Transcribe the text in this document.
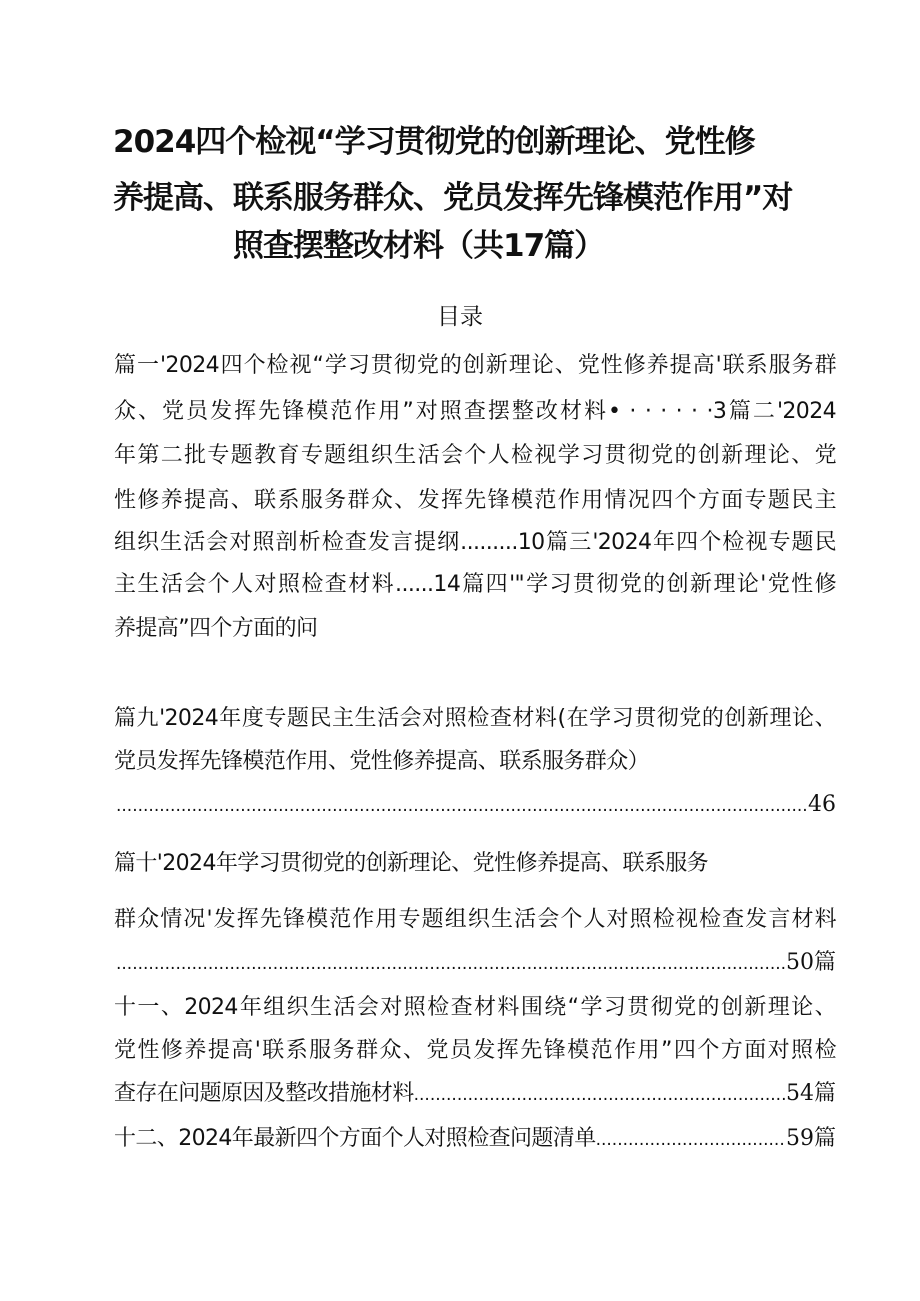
2024四个检视“学习贯彻党的创新理论、党性修
养提高、联系服务群众、党员发挥先锋模范作用”对
照查摆整改材料（共17篇）
目录
篇一'2024四个检视“学习贯彻党的创新理论、党性修养提高'联系服务群
众、党员发挥先锋模范作用”对照查摆整改材料• · · · · · ·3篇二'2024
年第二批专题教育专题组织生活会个人检视学习贯彻党的创新理论、党
性修养提高、联系服务群众、发挥先锋模范作用情况四个方面专题民主
组织生活会对照剖析检查发言提纲.........10篇三'2024年四个检视专题民
主生活会个人对照检查材料......14篇四'"学习贯彻党的创新理论'党性修
养提高”四个方面的问
篇九'2024年度专题民主生活会对照检查材料(在学习贯彻党的创新理论、
党员发挥先锋模范作用、党性修养提高、联系服务群众）
.....
46
篇十'2024年学习贯彻党的创新理论、党性修养提高、联系服务
群众情况'发挥先锋模范作用专题组织生活会个人对照检视检查发言材料
.....
50篇
十一、2024年组织生活会对照检查材料围绕“学习贯彻党的创新理论、
党性修养提高'联系服务群众、党员发挥先锋模范作用”四个方面对照检
查存在问题原因及整改措施材料 .....	54篇
十二、2024年最新四个方面个人对照检查问题清单 .....	59篇
